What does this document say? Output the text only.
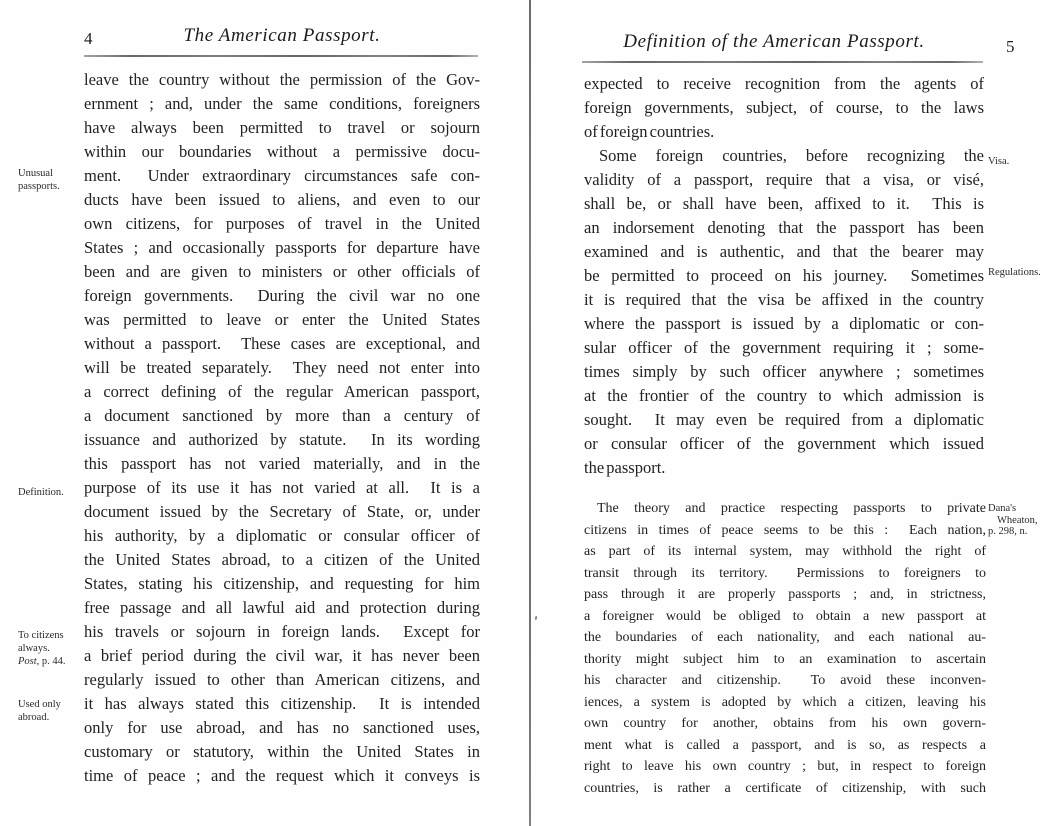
4	The American Passport.
leave the country without the permission of the Gov-
ernment ; and, under the same conditions, foreigners
have always been permitted to travel or sojourn
within our boundaries without a permissive docu-
ment.  Under extraordinary circumstances safe con-
ducts have been issued to aliens, and even to our
own citizens, for purposes of travel in the United
States ; and occasionally passports for departure have
been and are given to ministers or other officials of
foreign governments.  During the civil war no one
was permitted to leave or enter the United States
without a passport.  These cases are exceptional, and
will be treated separately.  They need not enter into
a correct defining of the regular American passport,
a document sanctioned by more than a century of
issuance and authorized by statute.  In its wording
this passport has not varied materially, and in the
purpose of its use it has not varied at all.  It is a
document issued by the Secretary of State, or, under
his authority, by a diplomatic or consular officer of
the United States abroad, to a citizen of the United
States, stating his citizenship, and requesting for him
free passage and all lawful aid and protection during
his travels or sojourn in foreign lands.  Except for
a brief period during the civil war, it has never been
regularly issued to other than American citizens, and
it has always stated this citizenship.  It is intended
only for use abroad, and has no sanctioned uses,
customary or statutory, within the United States in
time of peace ; and the request which it conveys is
Unusual passports.
Definition.
To citizens always.
Post, p. 44.
Used only abroad.
Definition of the American Passport.	5
expected to receive recognition from the agents of
foreign governments, subject, of course, to the laws
of foreign countries.
Some foreign countries, before recognizing the
validity of a passport, require that a visa, or visé,
shall be, or shall have been, affixed to it.  This is
an indorsement denoting that the passport has been
examined and is authentic, and that the bearer may
be permitted to proceed on his journey.  Sometimes
it is required that the visa be affixed in the country
where the passport is issued by a diplomatic or con-
sular officer of the government requiring it ; some-
times simply by such officer anywhere ; sometimes
at the frontier of the country to which admission is
sought.  It may even be required from a diplomatic
or consular officer of the government which issued
the passport.
The theory and practice respecting passports to private
citizens in times of peace seems to be this :  Each nation,
as part of its internal system, may withhold the right of
transit through its territory.  Permissions to foreigners to
pass through it are properly passports ; and, in strictness,
a foreigner would be obliged to obtain a new passport at
the boundaries of each nationality, and each national au-
thority might subject him to an examination to ascertain
his character and citizenship.  To avoid these inconven-
iences, a system is adopted by which a citizen, leaving his
own country for another, obtains from his own govern-
ment what is called a passport, and is so, as respects a
right to leave his own country ; but, in respect to foreign
countries, is rather a certificate of citizenship, with such
Visa.
Regulations.
Dana's
Wheaton,
p. 298, n.
